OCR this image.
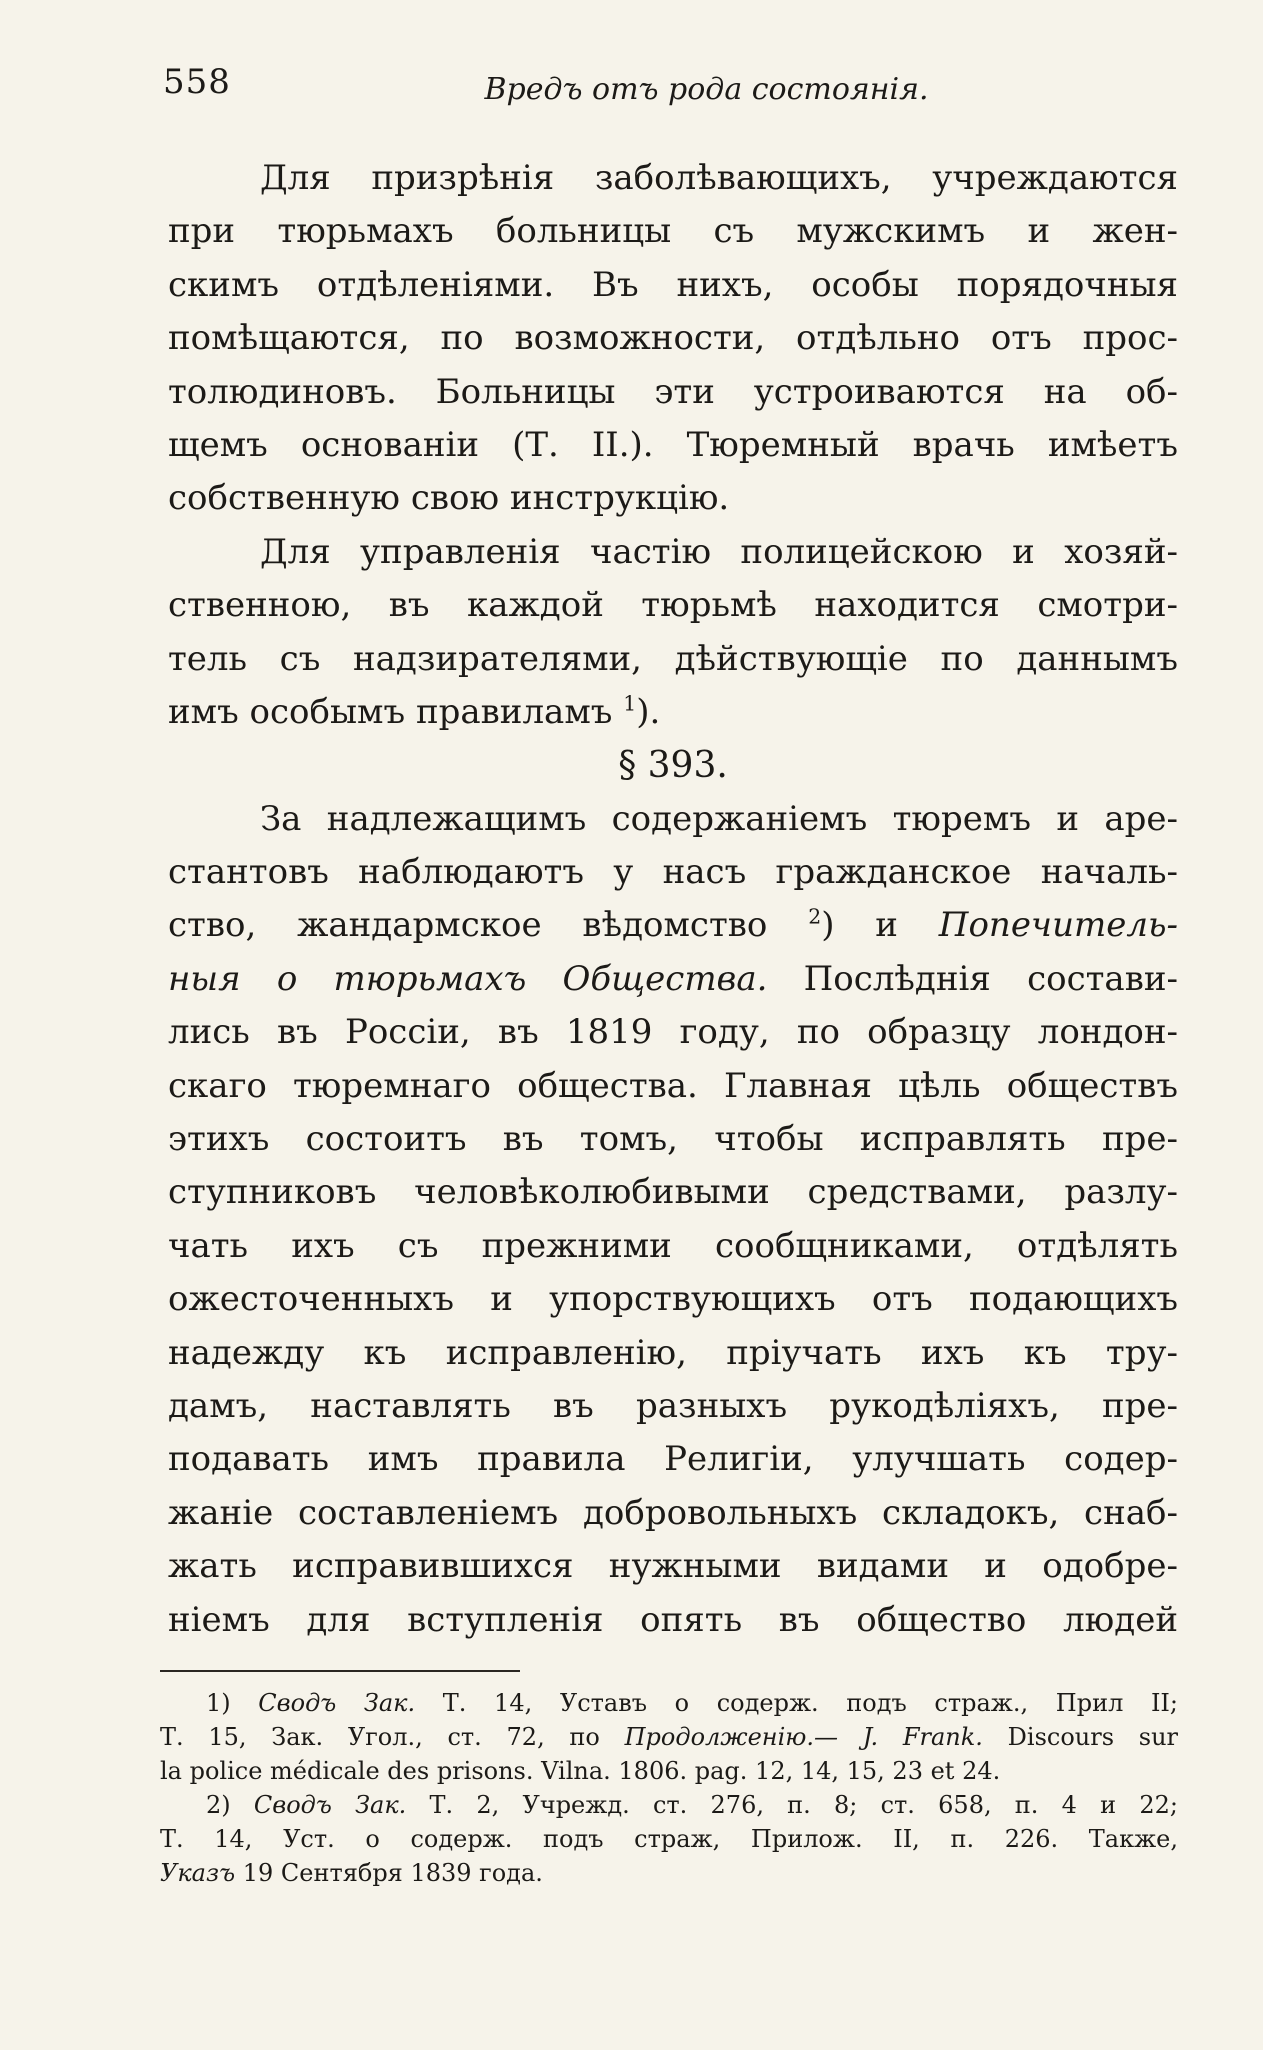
558	Вредъ отъ рода состоянія.
Для призрѣнія заболѣвающихъ, учреждаются
при тюрьмахъ больницы съ мужскимъ и жен-
скимъ отдѣленіями. Въ нихъ, особы порядочныя
помѣщаются, по возможности, отдѣльно отъ прос-
толюдиновъ. Больницы эти устроиваются на об-
щемъ основаніи (Т. II.). Тюремный врачь имѣетъ
собственную свою инструкцію.
Для управленія частію полицейскою и хозяй-
ственною, въ каждой тюрьмѣ находится смотри-
тель съ надзирателями, дѣйствующіе по даннымъ
имъ особымъ правиламъ $^1$).
§ 393.
За надлежащимъ содержаніемъ тюремъ и аре-
стантовъ наблюдаютъ у насъ гражданское началь-
ство, жандармское вѣдомство $^2$) и Попечитель-
ныя о тюрьмахъ Общества. Послѣднія состави-
лись въ Россіи, въ 1819 году, по образцу лондон-
скаго тюремнаго общества. Главная цѣль обществъ
этихъ состоитъ въ томъ, чтобы исправлять пре-
ступниковъ человѣколюбивыми средствами, разлу-
чать ихъ съ прежними сообщниками, отдѣлять
ожесточенныхъ и упорствующихъ отъ подающихъ
надежду къ исправленію, пріучать ихъ къ тру-
дамъ, наставлять въ разныхъ рукодѣліяхъ, пре-
подавать имъ правила Религіи, улучшать содер-
жаніе составленіемъ добровольныхъ складокъ, снаб-
жать исправившихся нужными видами и одобре-
ніемъ для вступленія опять въ общество людей
1) Сводъ Зак. Т. 14, Уставъ о содерж. подъ страж., Прил II;
Т. 15, Зак. Угол., ст. 72, по Продолженію.— J. Frank. Discours sur
la police médicale des prisons. Vilna. 1806. pag. 12, 14, 15, 23 et 24.
2) Сводъ Зак. Т. 2, Учрежд. ст. 276, п. 8; ст. 658, п. 4 и 22;
Т. 14, Уст. о содерж. подъ страж, Прилож. II, п. 226. Также,
Указъ 19 Сентября 1839 года.
